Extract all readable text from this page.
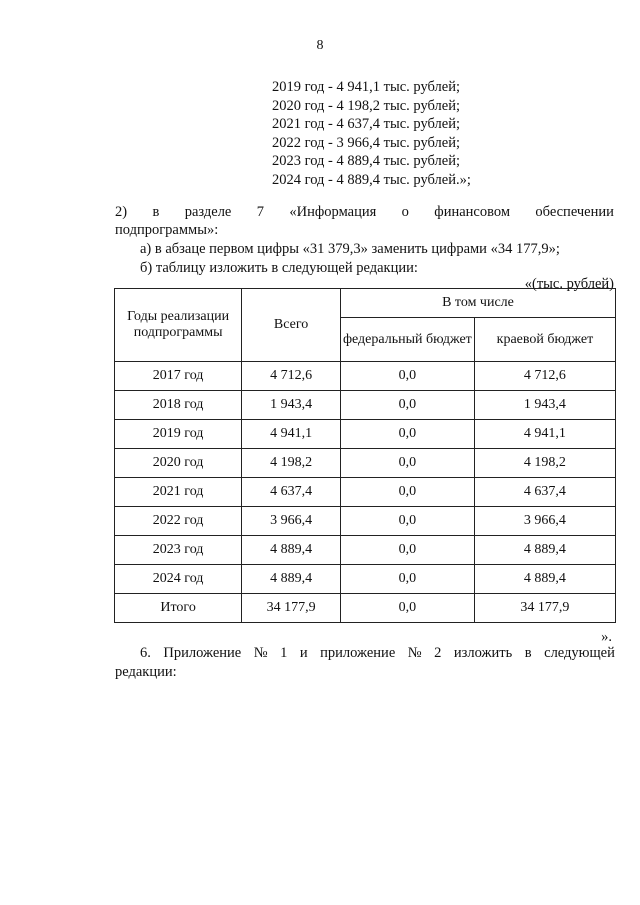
8
2019 год - 4 941,1 тыс. рублей;
2020 год - 4 198,2 тыс. рублей;
2021 год - 4 637,4 тыс. рублей;
2022 год - 3 966,4 тыс. рублей;
2023 год - 4 889,4 тыс. рублей;
2024 год - 4 889,4 тыс. рублей.»;
2) в разделе 7 «Информация о финансовом обеспечении
подпрограммы»:
а) в абзаце первом цифры «31 379,3» заменить цифрами «34 177,9»;
б) таблицу изложить в следующей редакции:
«(тыс. рублей)
Годы реализации подпрограммы	Всего	В том числе	
		федеральный бюджет	краевой бюджет
2017 год	4 712,6	0,0	4 712,6
2018 год	1 943,4	0,0	1 943,4
2019 год	4 941,1	0,0	4 941,1
2020 год	4 198,2	0,0	4 198,2
2021 год	4 637,4	0,0	4 637,4
2022 год	3 966,4	0,0	3 966,4
2023 год	4 889,4	0,0	4 889,4
2024 год	4 889,4	0,0	4 889,4
Итого	34 177,9	0,0	34 177,9
».
6. Приложение № 1 и приложение № 2 изложить в следующей
редакции:
